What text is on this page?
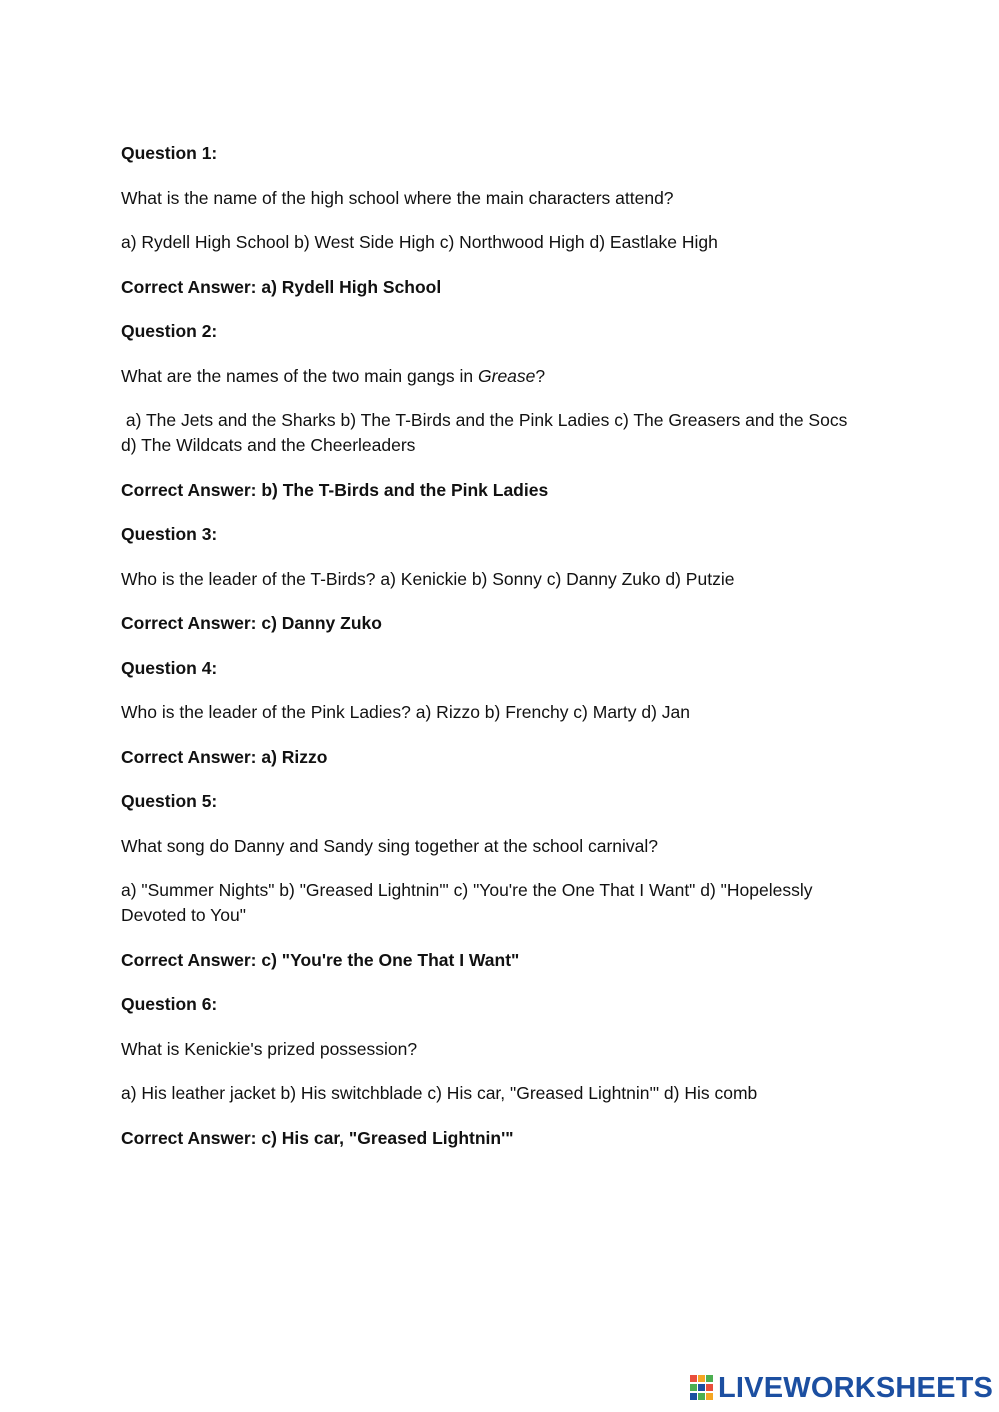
Question 1:

What is the name of the high school where the main characters attend?

a) Rydell High School b) West Side High c) Northwood High d) Eastlake High

Correct Answer: a) Rydell High School

Question 2:

What are the names of the two main gangs in Grease?

a) The Jets and the Sharks b) The T-Birds and the Pink Ladies c) The Greasers and the Socs d) The Wildcats and the Cheerleaders

Correct Answer: b) The T-Birds and the Pink Ladies

Question 3:

Who is the leader of the T-Birds? a) Kenickie b) Sonny c) Danny Zuko d) Putzie

Correct Answer: c) Danny Zuko

Question 4:

Who is the leader of the Pink Ladies? a) Rizzo b) Frenchy c) Marty d) Jan

Correct Answer: a) Rizzo

Question 5:

What song do Danny and Sandy sing together at the school carnival?

a) "Summer Nights" b) "Greased Lightnin'" c) "You're the One That I Want" d) "Hopelessly Devoted to You"

Correct Answer: c) "You're the One That I Want"

Question 6:

What is Kenickie's prized possession?

a) His leather jacket b) His switchblade c) His car, "Greased Lightnin'" d) His comb

Correct Answer: c) His car, "Greased Lightnin'"

LIVEWORKSHEETS
